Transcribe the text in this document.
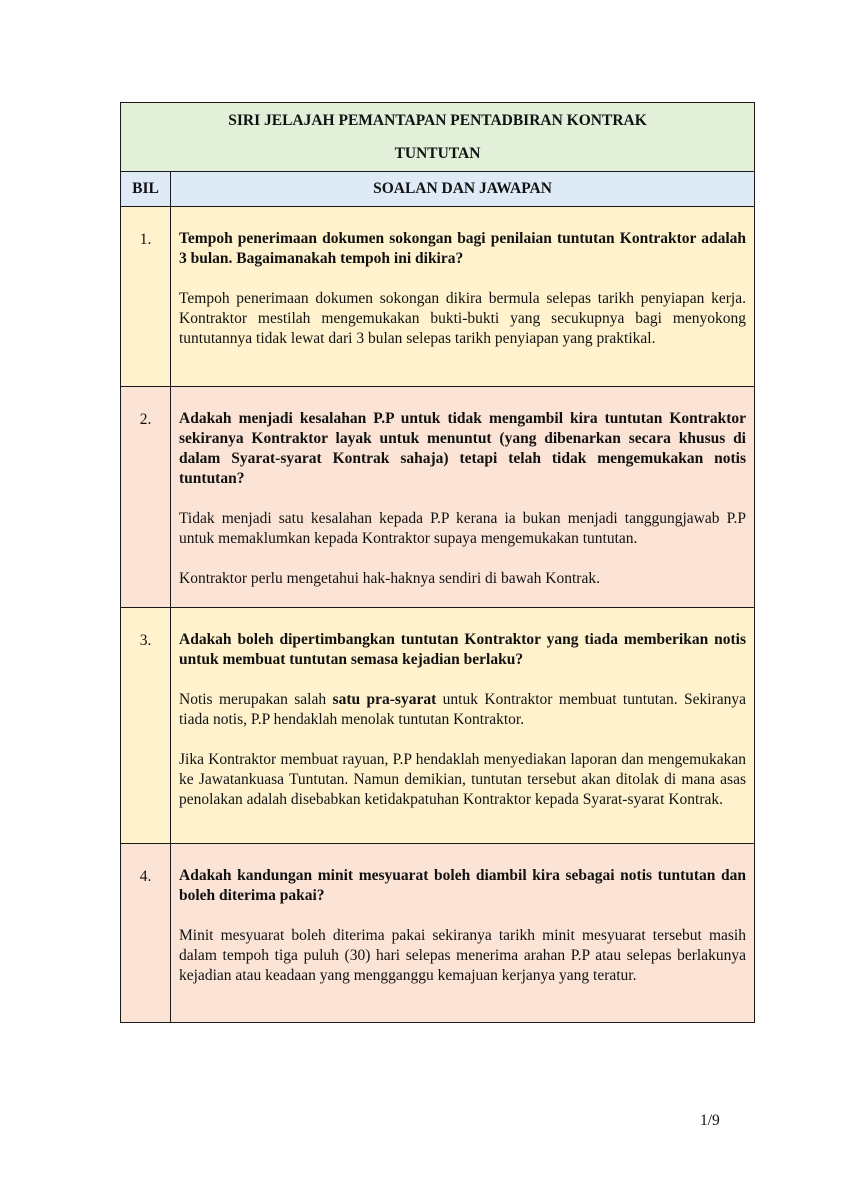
SIRI JELAJAH PEMANTAPAN PENTADBIRAN KONTRAK
TUNTUTAN	

BIL	SOALAN DAN JAWAPAN
1.	Tempoh penerimaan dokumen sokongan bagi penilaian tuntutan Kontraktor adalah 3 bulan. Bagaimanakah tempoh ini dikira?

Tempoh penerimaan dokumen sokongan dikira bermula selepas tarikh penyiapan kerja. Kontraktor mestilah mengemukakan bukti-bukti yang secukupnya bagi menyokong tuntutannya tidak lewat dari 3 bulan selepas tarikh penyiapan yang praktikal.

2.	Adakah menjadi kesalahan P.P untuk tidak mengambil kira tuntutan Kontraktor sekiranya Kontraktor layak untuk menuntut (yang dibenarkan secara khusus di dalam Syarat-syarat Kontrak sahaja) tetapi telah tidak mengemukakan notis tuntutan?

Tidak menjadi satu kesalahan kepada P.P kerana ia bukan menjadi tanggungjawab P.P untuk memaklumkan kepada Kontraktor supaya mengemukakan tuntutan.

Kontraktor perlu mengetahui hak-haknya sendiri di bawah Kontrak.

3.	Adakah boleh dipertimbangkan tuntutan Kontraktor yang tiada memberikan notis untuk membuat tuntutan semasa kejadian berlaku?

Notis merupakan salah satu pra-syarat untuk Kontraktor membuat tuntutan. Sekiranya tiada notis, P.P hendaklah menolak tuntutan Kontraktor.

Jika Kontraktor membuat rayuan, P.P hendaklah menyediakan laporan dan mengemukakan ke Jawatankuasa Tuntutan. Namun demikian, tuntutan tersebut akan ditolak di mana asas penolakan adalah disebabkan ketidakpatuhan Kontraktor kepada Syarat-syarat Kontrak.

4.	Adakah kandungan minit mesyuarat boleh diambil kira sebagai notis tuntutan dan boleh diterima pakai?

Minit mesyuarat boleh diterima pakai sekiranya tarikh minit mesyuarat tersebut masih dalam tempoh tiga puluh (30) hari selepas menerima arahan P.P atau selepas berlakunya kejadian atau keadaan yang mengganggu kemajuan kerjanya yang teratur.

1/9
